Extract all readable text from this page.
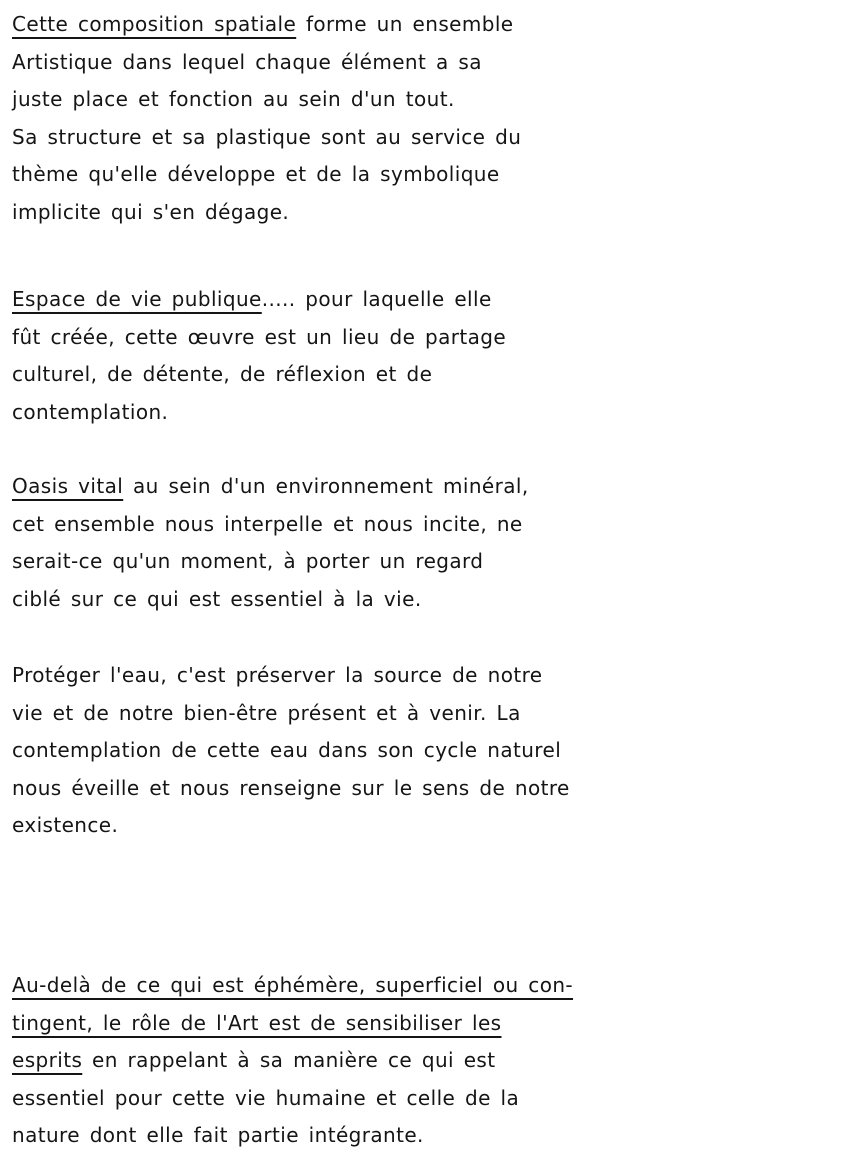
Cette composition spatiale forme un ensemble
Artistique dans lequel chaque élément a sa
juste place et fonction au sein d'un tout.
Sa structure et sa plastique sont au service du
thème qu'elle développe et de la symbolique
implicite qui s'en dégage.
Espace de vie publique..... pour laquelle elle
fût créée, cette œuvre est un lieu de partage
culturel, de détente, de réflexion et de
contemplation.
Oasis vital au sein d'un environnement minéral,
cet ensemble nous interpelle et nous incite, ne
serait-ce qu'un moment, à porter un regard
ciblé sur ce qui est essentiel à la vie.
Protéger l'eau, c'est préserver la source de notre
vie et de notre bien-être présent et à venir. La
contemplation de cette eau dans son cycle naturel
nous éveille et nous renseigne sur le sens de notre
existence.
Au-delà de ce qui est éphémère, superficiel ou con-
tingent, le rôle de l'Art est de sensibiliser les
esprits en rappelant à sa manière ce qui est
essentiel pour cette vie humaine et celle de la
nature dont elle fait partie intégrante.
